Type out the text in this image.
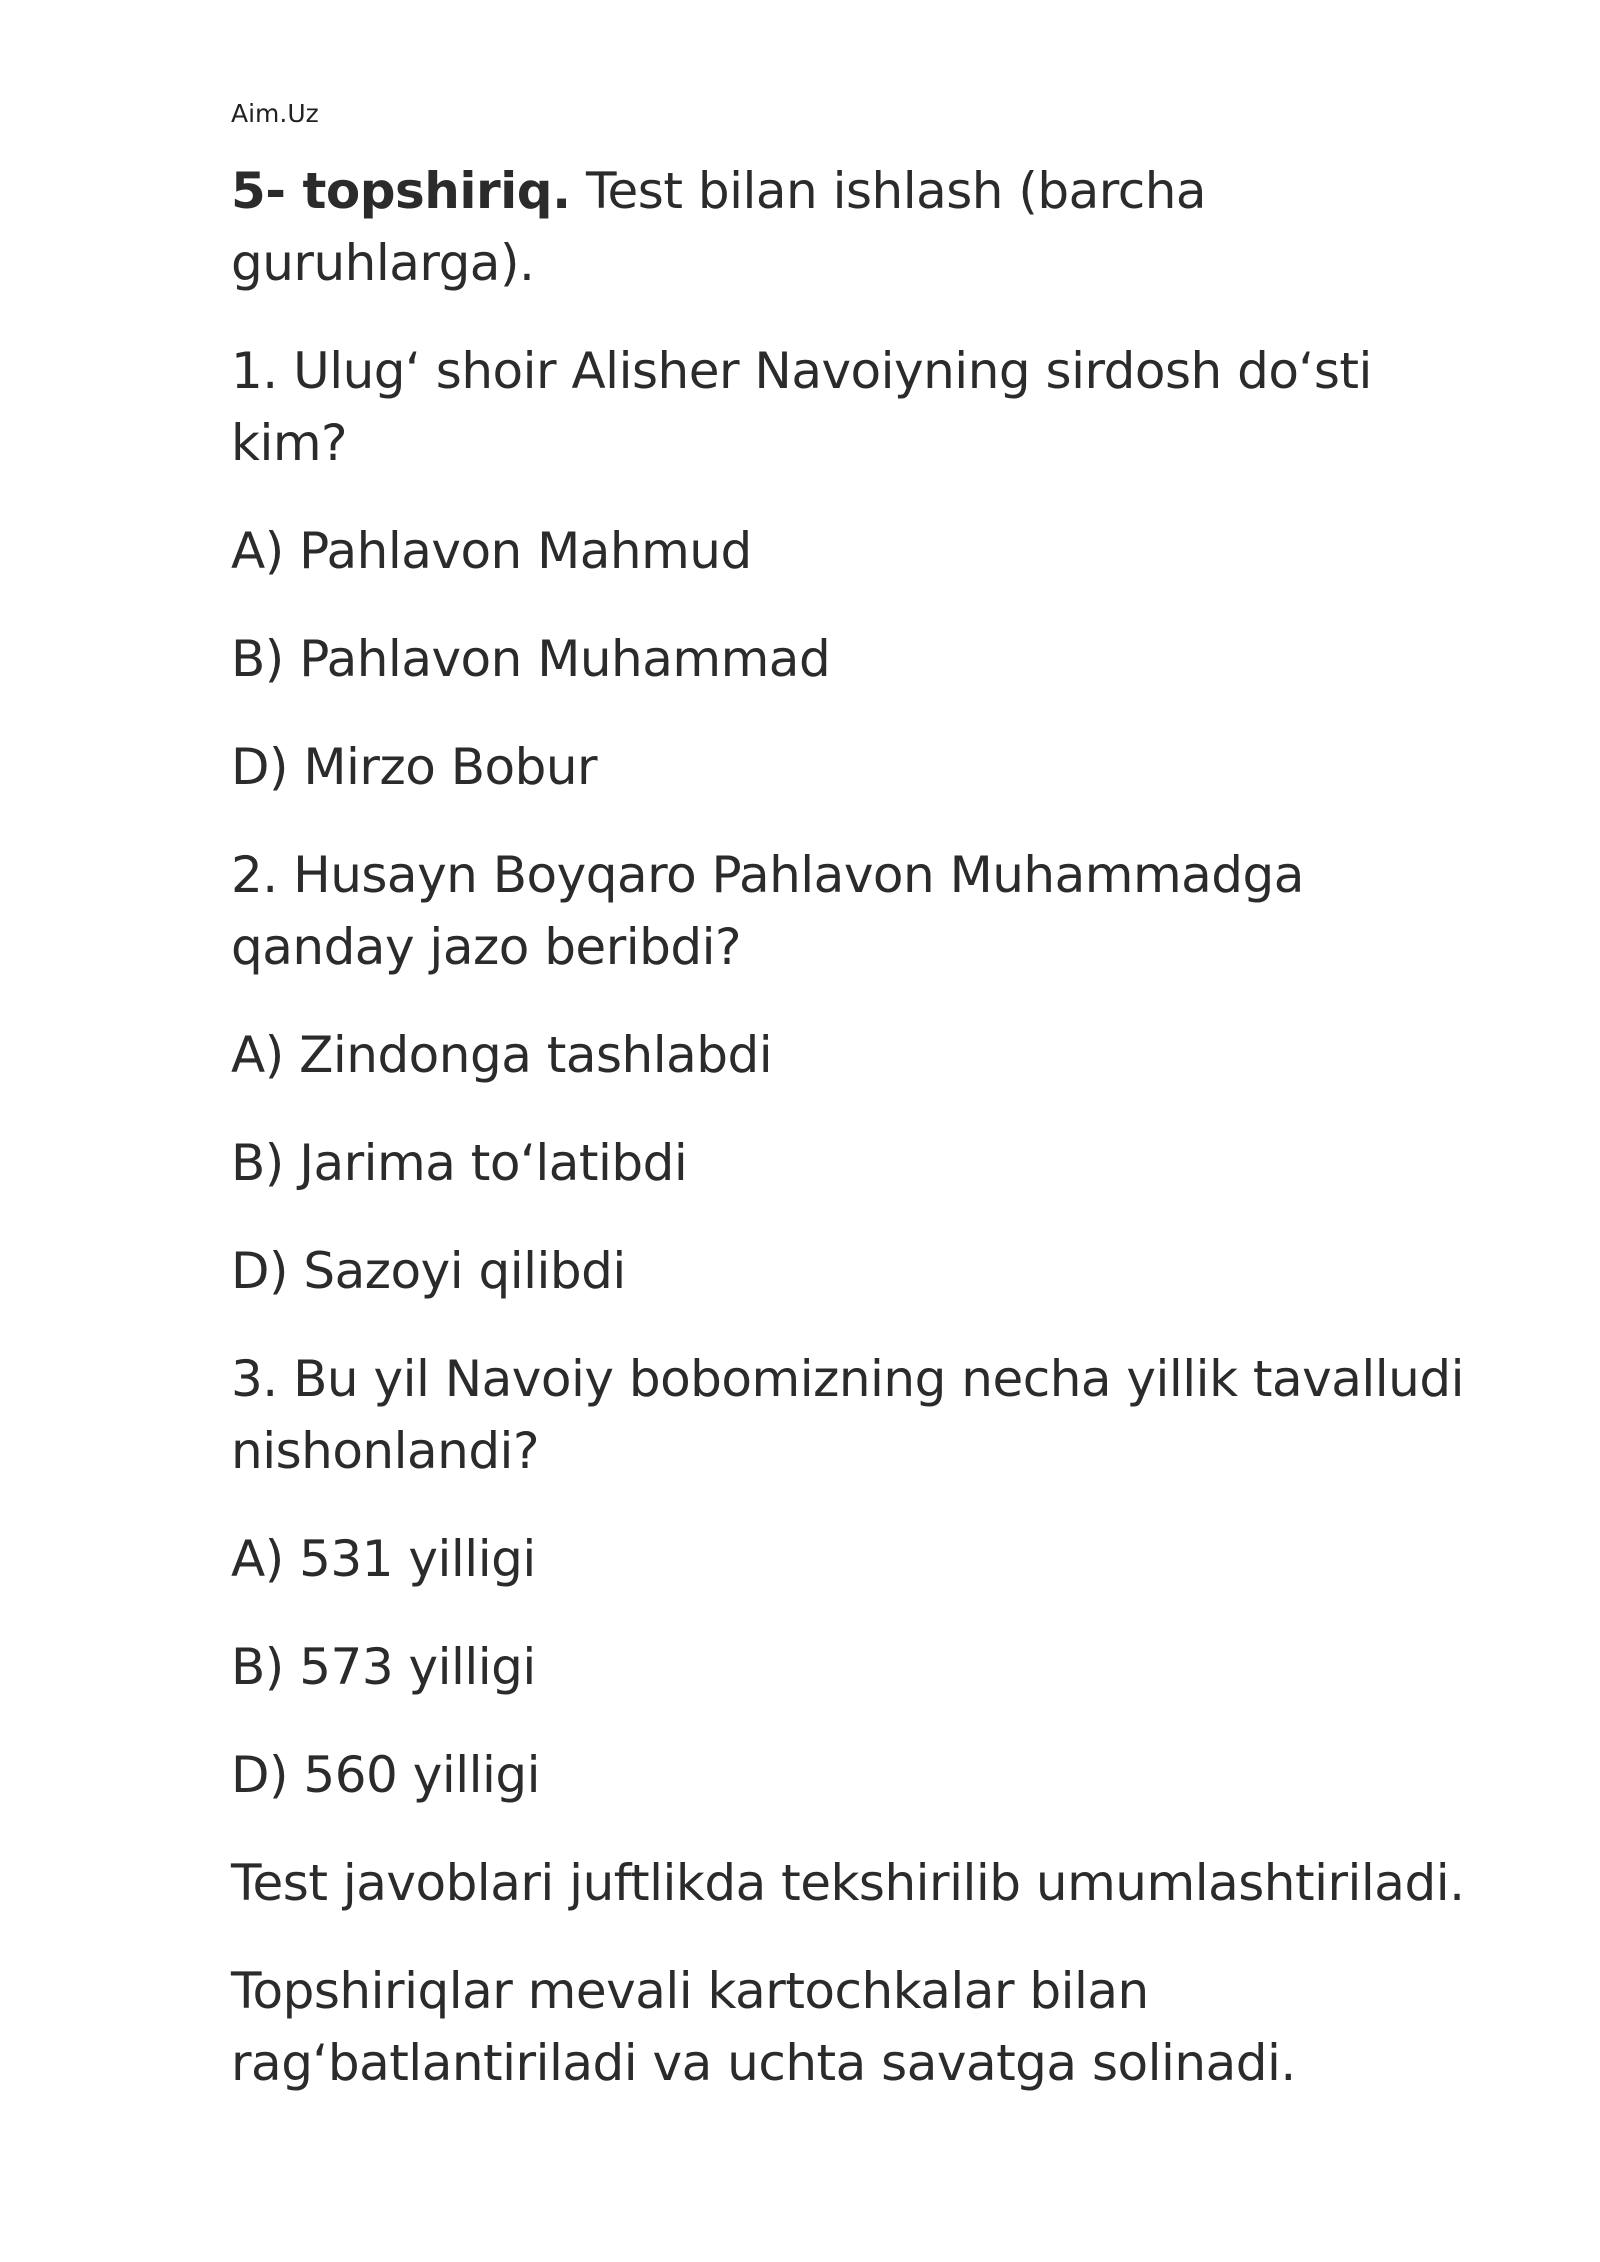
Aim.Uz
5- topshiriq. Test bilan ishlash (barcha
guruhlarga).
1. Ulug‘ shoir Alisher Navoiyning sirdosh do‘sti
kim?
A) Pahlavon Mahmud
B) Pahlavon Muhammad
D) Mirzo Bobur
2. Husayn Boyqaro Pahlavon Muhammadga
qanday jazo beribdi?
A) Zindonga tashlabdi
B) Jarima to‘latibdi
D) Sazoyi qilibdi
3. Bu yil Navoiy bobomizning necha yillik tavalludi
nishonlandi?
A) 531 yilligi
B) 573 yilligi
D) 560 yilligi
Test javoblari juftlikda tekshirilib umumlashtiriladi.
Topshiriqlar mevali kartochkalar bilan
rag‘batlantiriladi va uchta savatga solinadi.
